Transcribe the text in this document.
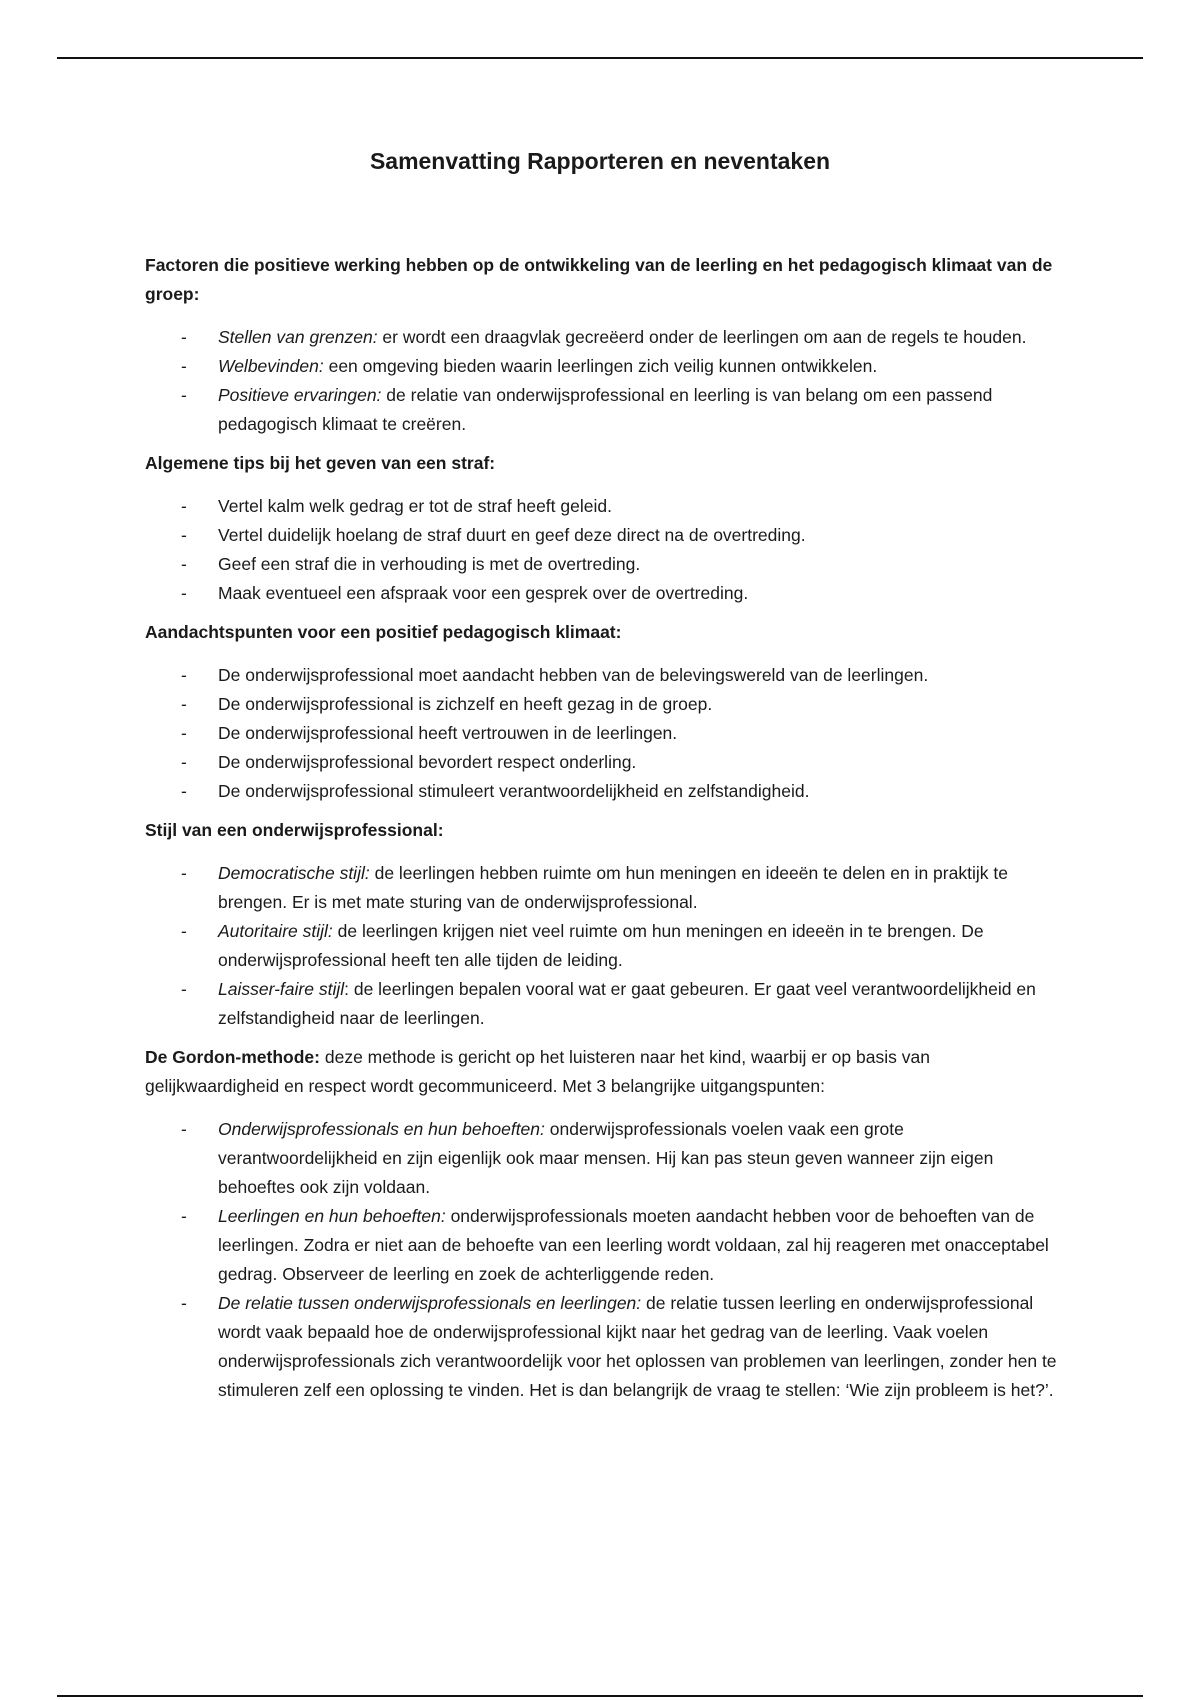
Samenvatting Rapporteren en neventaken
Factoren die positieve werking hebben op de ontwikkeling van de leerling en het pedagogisch klimaat van de groep:
- Stellen van grenzen: er wordt een draagvlak gecreëerd onder de leerlingen om aan de regels te houden.
- Welbevinden: een omgeving bieden waarin leerlingen zich veilig kunnen ontwikkelen.
- Positieve ervaringen: de relatie van onderwijsprofessional en leerling is van belang om een passend pedagogisch klimaat te creëren.
Algemene tips bij het geven van een straf:
- Vertel kalm welk gedrag er tot de straf heeft geleid.
- Vertel duidelijk hoelang de straf duurt en geef deze direct na de overtreding.
- Geef een straf die in verhouding is met de overtreding.
- Maak eventueel een afspraak voor een gesprek over de overtreding.
Aandachtspunten voor een positief pedagogisch klimaat:
- De onderwijsprofessional moet aandacht hebben van de belevingswereld van de leerlingen.
- De onderwijsprofessional is zichzelf en heeft gezag in de groep.
- De onderwijsprofessional heeft vertrouwen in de leerlingen.
- De onderwijsprofessional bevordert respect onderling.
- De onderwijsprofessional stimuleert verantwoordelijkheid en zelfstandigheid.
Stijl van een onderwijsprofessional:
- Democratische stijl: de leerlingen hebben ruimte om hun meningen en ideeën te delen en in praktijk te brengen. Er is met mate sturing van de onderwijsprofessional.
- Autoritaire stijl: de leerlingen krijgen niet veel ruimte om hun meningen en ideeën in te brengen. De onderwijsprofessional heeft ten alle tijden de leiding.
- Laisser-faire stijl: de leerlingen bepalen vooral wat er gaat gebeuren. Er gaat veel verantwoordelijkheid en zelfstandigheid naar de leerlingen.
De Gordon-methode: deze methode is gericht op het luisteren naar het kind, waarbij er op basis van gelijkwaardigheid en respect wordt gecommuniceerd. Met 3 belangrijke uitgangspunten:
- Onderwijsprofessionals en hun behoeften: onderwijsprofessionals voelen vaak een grote verantwoordelijkheid en zijn eigenlijk ook maar mensen. Hij kan pas steun geven wanneer zijn eigen behoeftes ook zijn voldaan.
- Leerlingen en hun behoeften: onderwijsprofessionals moeten aandacht hebben voor de behoeften van de leerlingen. Zodra er niet aan de behoefte van een leerling wordt voldaan, zal hij reageren met onacceptabel gedrag. Observeer de leerling en zoek de achterliggende reden.
- De relatie tussen onderwijsprofessionals en leerlingen: de relatie tussen leerling en onderwijsprofessional wordt vaak bepaald hoe de onderwijsprofessional kijkt naar het gedrag van de leerling. Vaak voelen onderwijsprofessionals zich verantwoordelijk voor het oplossen van problemen van leerlingen, zonder hen te stimuleren zelf een oplossing te vinden. Het is dan belangrijk de vraag te stellen: ‘Wie zijn probleem is het?’.
